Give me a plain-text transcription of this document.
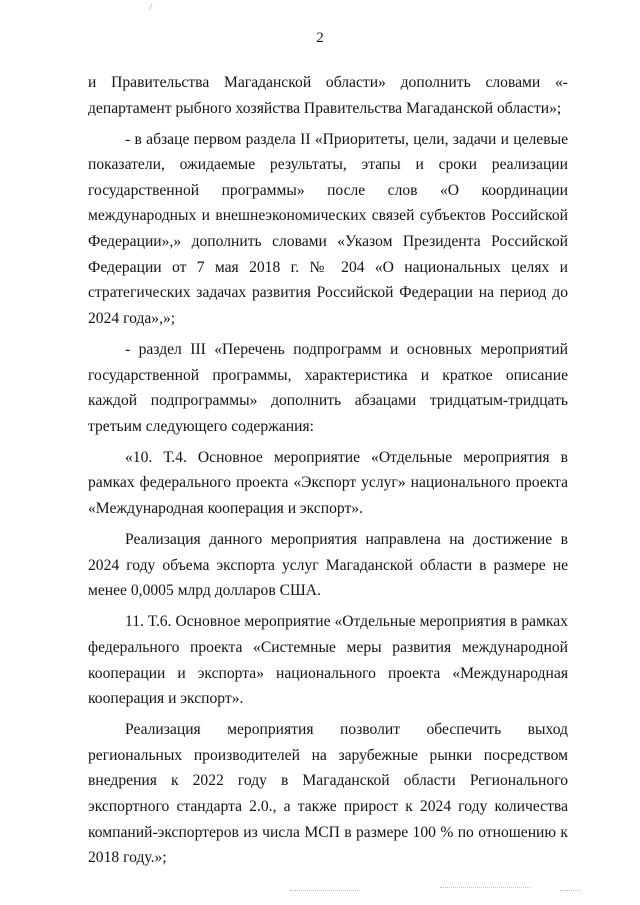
2

и Правительства Магаданской области» дополнить словами «- департамент рыбного хозяйства Правительства Магаданской области»;

- в абзаце первом раздела II «Приоритеты, цели, задачи и целевые показатели, ожидаемые результаты, этапы и сроки реализации государственной программы» после слов «О координации международных и внешнеэкономических связей субъектов Российской Федерации»,» дополнить словами «Указом Президента Российской Федерации от 7 мая 2018 г. № 204 «О национальных целях и стратегических задачах развития Российской Федерации на период до 2024 года»,»;

- раздел III «Перечень подпрограмм и основных мероприятий государственной программы, характеристика и краткое описание каждой подпрограммы» дополнить абзацами тридцатым-тридцать третьим следующего содержания:

«10. Т.4. Основное мероприятие «Отдельные мероприятия в рамках федерального проекта «Экспорт услуг» национального проекта «Международная кооперация и экспорт».

Реализация данного мероприятия направлена на достижение в 2024 году объема экспорта услуг Магаданской области в размере не менее 0,0005 млрд долларов США.

11. Т.6. Основное мероприятие «Отдельные мероприятия в рамках федерального проекта «Системные меры развития международной кооперации и экспорта» национального проекта «Международная кооперация и экспорт».

Реализация мероприятия позволит обеспечить выход региональных производителей на зарубежные рынки посредством внедрения к 2022 году в Магаданской области Регионального экспортного стандарта 2.0., а также прирост к 2024 году количества компаний-экспортеров из числа МСП в размере 100 % по отношению к 2018 году.»;
